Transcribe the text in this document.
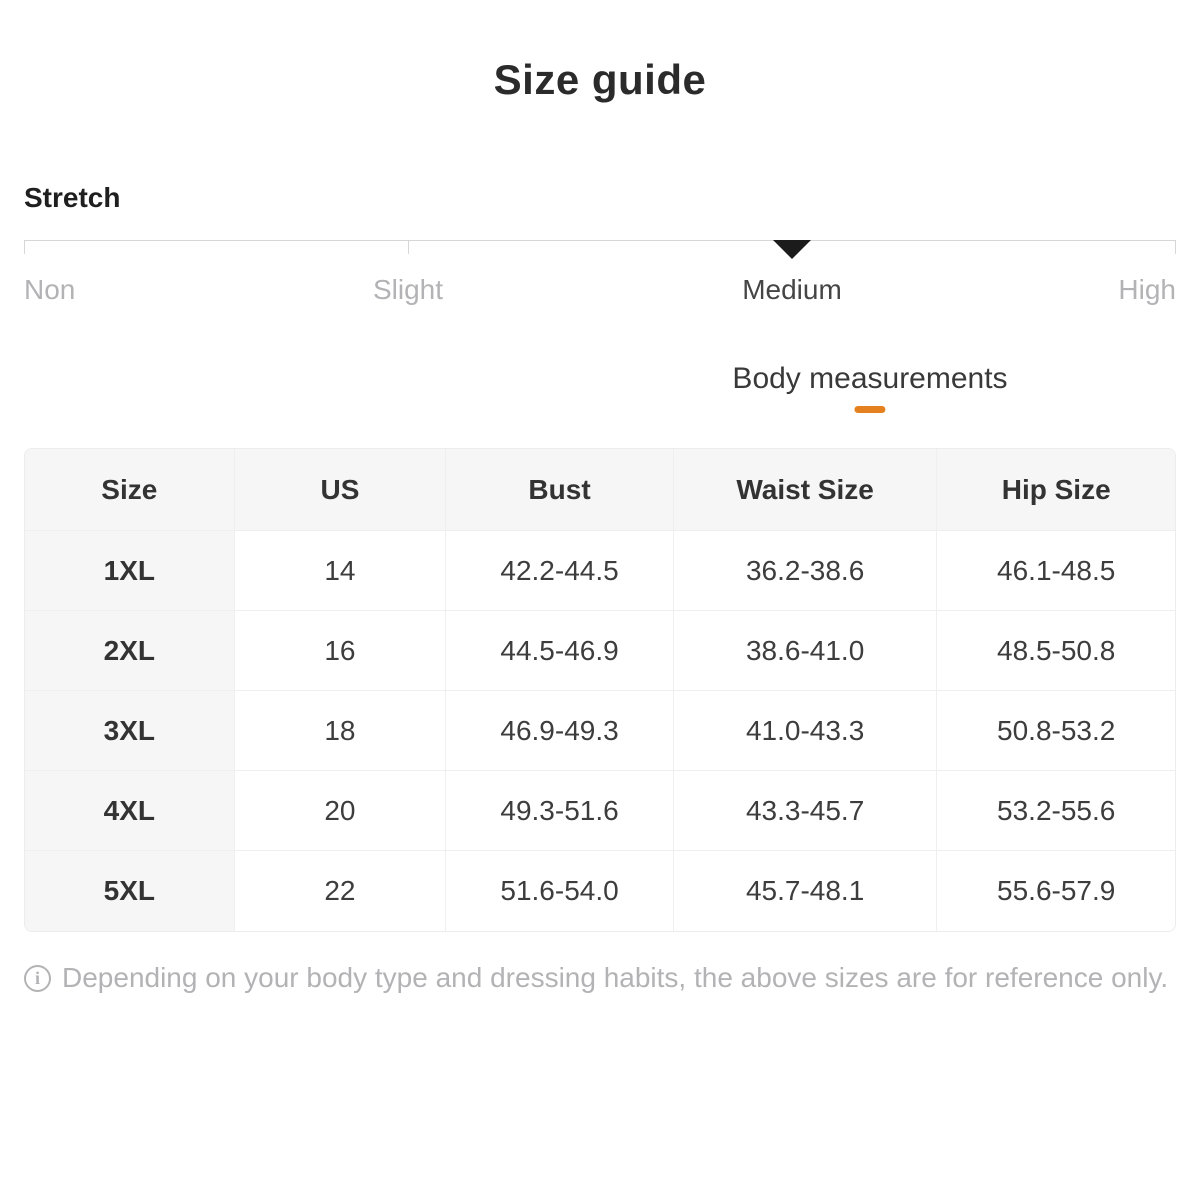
Size guide
Stretch
Non	Slight	Medium	High
Body measurements
Size	US	Bust	Waist Size	Hip Size
1XL	14	42.2-44.5	36.2-38.6	46.1-48.5
2XL	16	44.5-46.9	38.6-41.0	48.5-50.8
3XL	18	46.9-49.3	41.0-43.3	50.8-53.2
4XL	20	49.3-51.6	43.3-45.7	53.2-55.6
5XL	22	51.6-54.0	45.7-48.1	55.6-57.9
i Depending on your body type and dressing habits, the above sizes are for reference only.
